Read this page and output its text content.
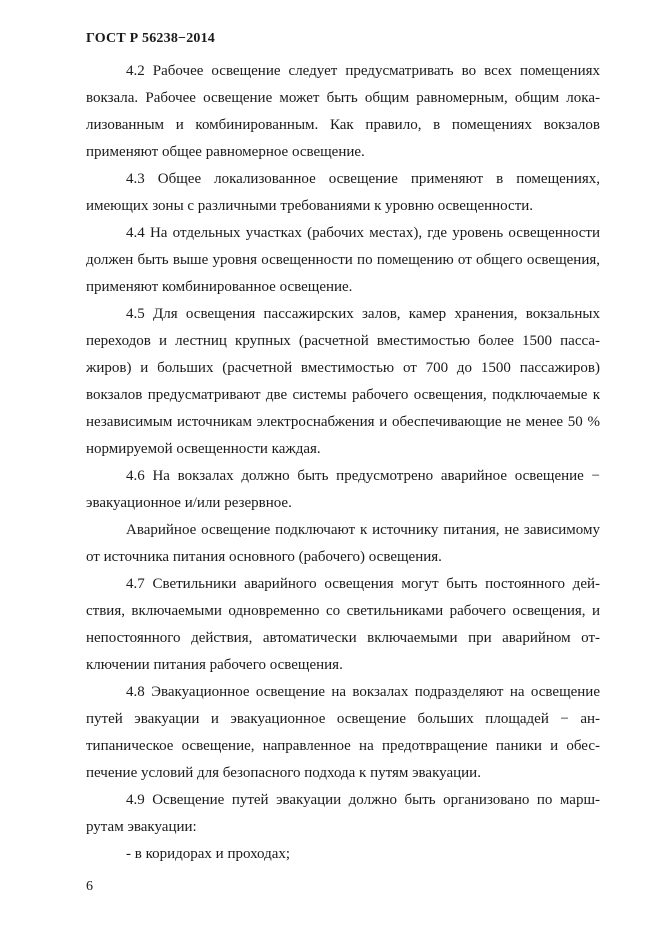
ГОСТ Р 56238−2014

4.2 Рабочее освещение следует предусматривать во всех помещениях вокзала. Рабочее освещение может быть общим равномерным, общим локализованным и комбинированным. Как правило, в помещениях вокзалов применяют общее равномерное освещение.

4.3 Общее локализованное освещение применяют в помещениях, имеющих зоны с различными требованиями к уровню освещенности.

4.4 На отдельных участках (рабочих местах), где уровень освещенности должен быть выше уровня освещенности по помещению от общего освещения, применяют комбинированное освещение.

4.5 Для освещения пассажирских залов, камер хранения, вокзальных переходов и лестниц крупных (расчетной вместимостью более 1500 пассажиров) и больших (расчетной вместимостью от 700 до 1500 пассажиров) вокзалов предусматривают две системы рабочего освещения, подключаемые к независимым источникам электроснабжения и обеспечивающие не менее 50 % нормируемой освещенности каждая.

4.6 На вокзалах должно быть предусмотрено аварийное освещение − эвакуационное и/или резервное.

Аварийное освещение подключают к источнику питания, не зависимому от источника питания основного (рабочего) освещения.

4.7 Светильники аварийного освещения могут быть постоянного действия, включаемыми одновременно со светильниками рабочего освещения, и непостоянного действия, автоматически включаемыми при аварийном отключении питания рабочего освещения.

4.8 Эвакуационное освещение на вокзалах подразделяют на освещение путей эвакуации и эвакуационное освещение больших площадей − антипаническое освещение, направленное на предотвращение паники и обеспечение условий для безопасного подхода к путям эвакуации.

4.9 Освещение путей эвакуации должно быть организовано по маршрутам эвакуации:

- в коридорах и проходах;

6
